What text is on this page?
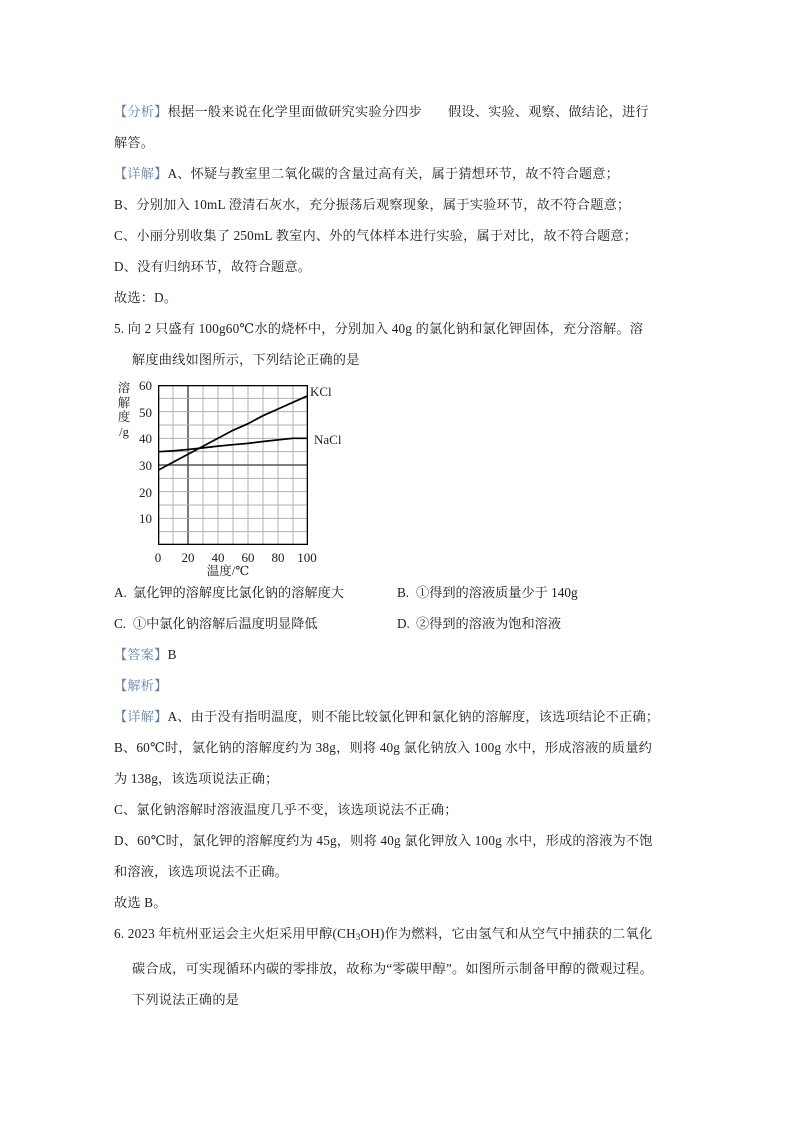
【分析】根据一般来说在化学里面做研究实验分四步 假设、实验、观察、做结论，进行
解答。
【详解】A、怀疑与教室里二氧化碳的含量过高有关，属于猜想环节，故不符合题意；
B、分别加入 10mL 澄清石灰水，充分振荡后观察现象，属于实验环节，故不符合题意；
C、小丽分别收集了 250mL 教室内、外的气体样本进行实验，属于对比，故不符合题意；
D、没有归纳环节，故符合题意。
故选：D。
5. 向 2 只盛有 100g60℃水的烧杯中，分别加入 40g 的氯化钠和氯化钾固体，充分溶解。溶
解度曲线如图所示，下列结论正确的是
溶
解
度
/g
60
50
40
30
20
10
0	20	40	60	80 100
温度/℃
KCl
NaCl
A. 氯化钾的溶解度比氯化钠的溶解度大	B. ①得到的溶液质量少于 140g
C. ①中氯化钠溶解后温度明显降低	D. ②得到的溶液为饱和溶液
【答案】B
【解析】
【详解】A、由于没有指明温度，则不能比较氯化钾和氯化钠的溶解度，该选项结论不正确；
B、60℃时，氯化钠的溶解度约为 38g，则将 40g 氯化钠放入 100g 水中，形成溶液的质量约
为 138g，该选项说法正确；
C、氯化钠溶解时溶液温度几乎不变，该选项说法不正确；
D、60℃时，氯化钾的溶解度约为 45g，则将 40g 氯化钾放入 100g 水中，形成的溶液为不饱
和溶液，该选项说法不正确。
故选 B。
6. 2023 年杭州亚运会主火炬采用甲醇$(CH_3OH)$作为燃料，它由氢气和从空气中捕获的二氧化
碳合成，可实现循环内碳的零排放，故称为“零碳甲醇”。如图所示制备甲醇的微观过程。
下列说法正确的是
